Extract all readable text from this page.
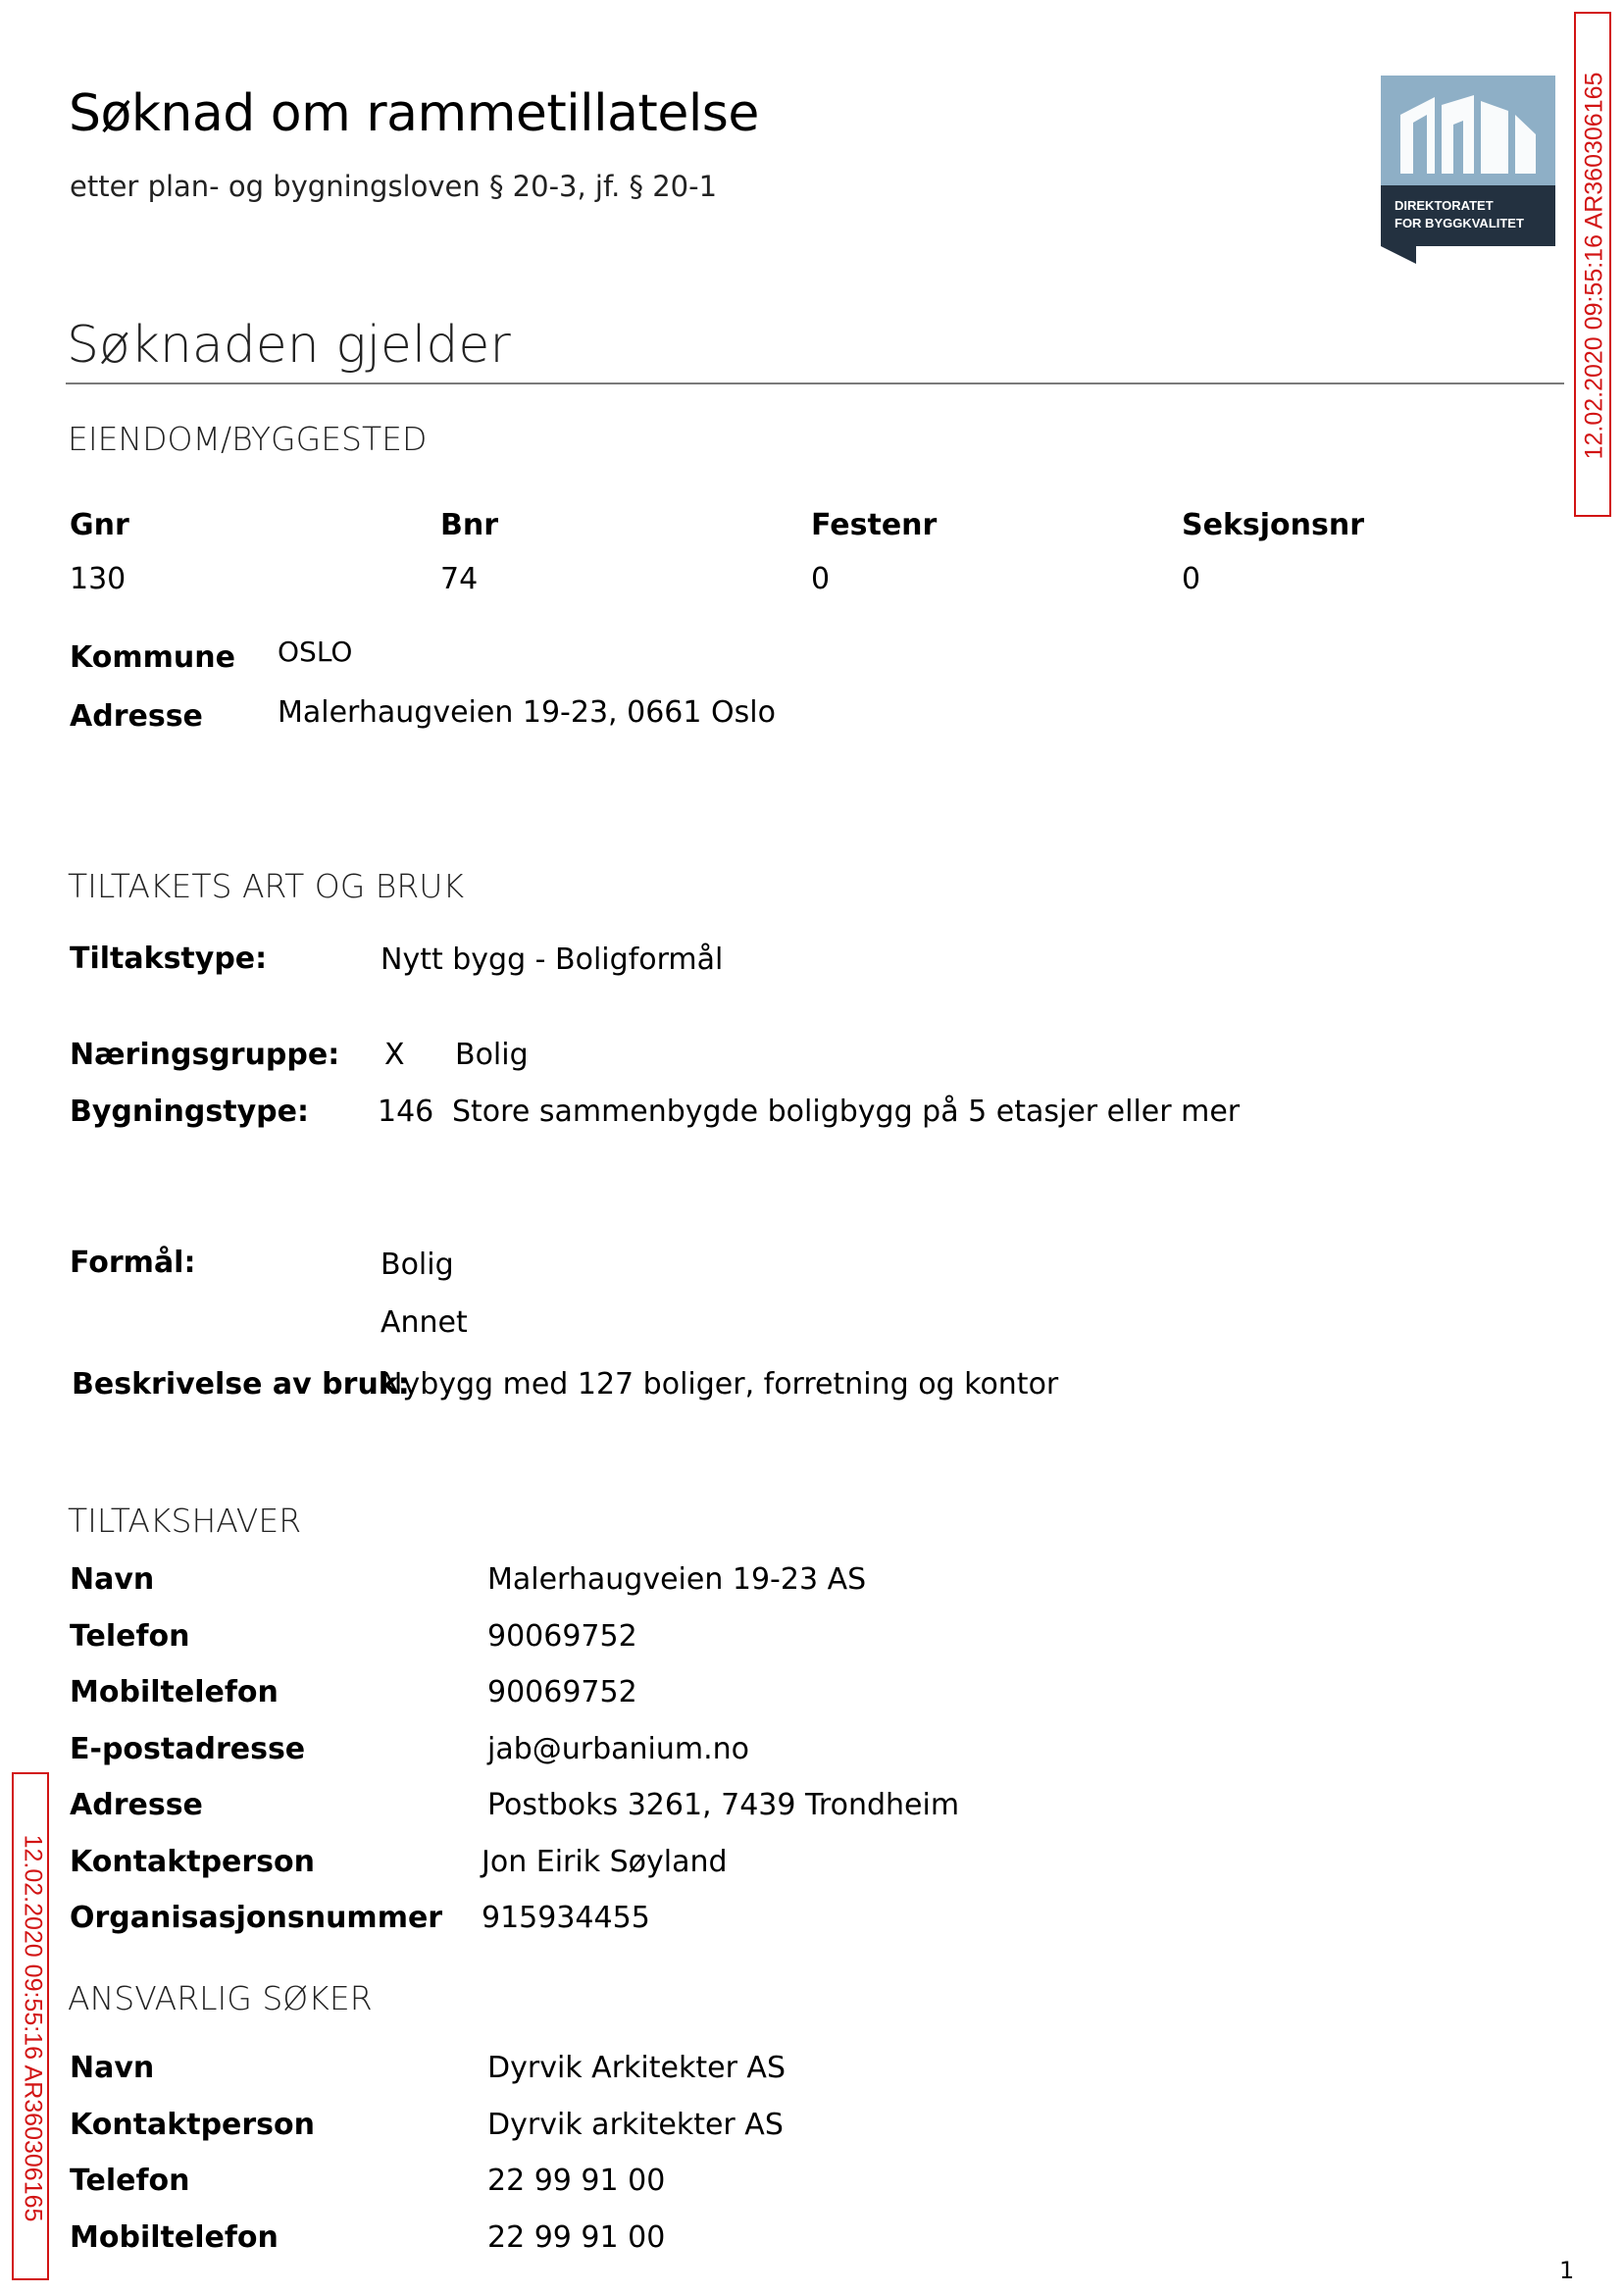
Søknad om rammetillatelse
etter plan- og bygningsloven § 20-3, jf. § 20-1
DIREKTORATET
FOR BYGGKVALITET 12.02.2020 09:55:16 AR360306165
12.02.2020 09:55:16 AR360306165
Søknaden gjelder
EIENDOM/BYGGESTED
Gnr	Bnr	Festenr	Seksjonsnr
130	74	0	0
Kommune OSLO
Adresse	Malerhaugveien 19-23, 0661 Oslo
TILTAKETS ART OG BRUK
Tiltakstype:	Nytt bygg - Boligformål
Næringsgruppe: X Bolig
Bygningstype: 146 Store sammenbygde boligbygg på 5 etasjer eller mer
Formål:	Bolig
Annet
Beskrivelse av bruk:
Nybygg med 127 boliger, forretning og kontor
TILTAKSHAVER
Navn	Malerhaugveien 19-23 AS
Telefon	90069752
Mobiltelefon	90069752
E-postadresse	jab@urbanium.no
Adresse	Postboks 3261, 7439 Trondheim
Kontaktperson	Jon Eirik Søyland
Organisasjonsnummer 915934455
ANSVARLIG SØKER
Navn	Dyrvik Arkitekter AS
Kontaktperson	Dyrvik arkitekter AS
Telefon	22 99 91 00
Mobiltelefon	22 99 91 00
1
